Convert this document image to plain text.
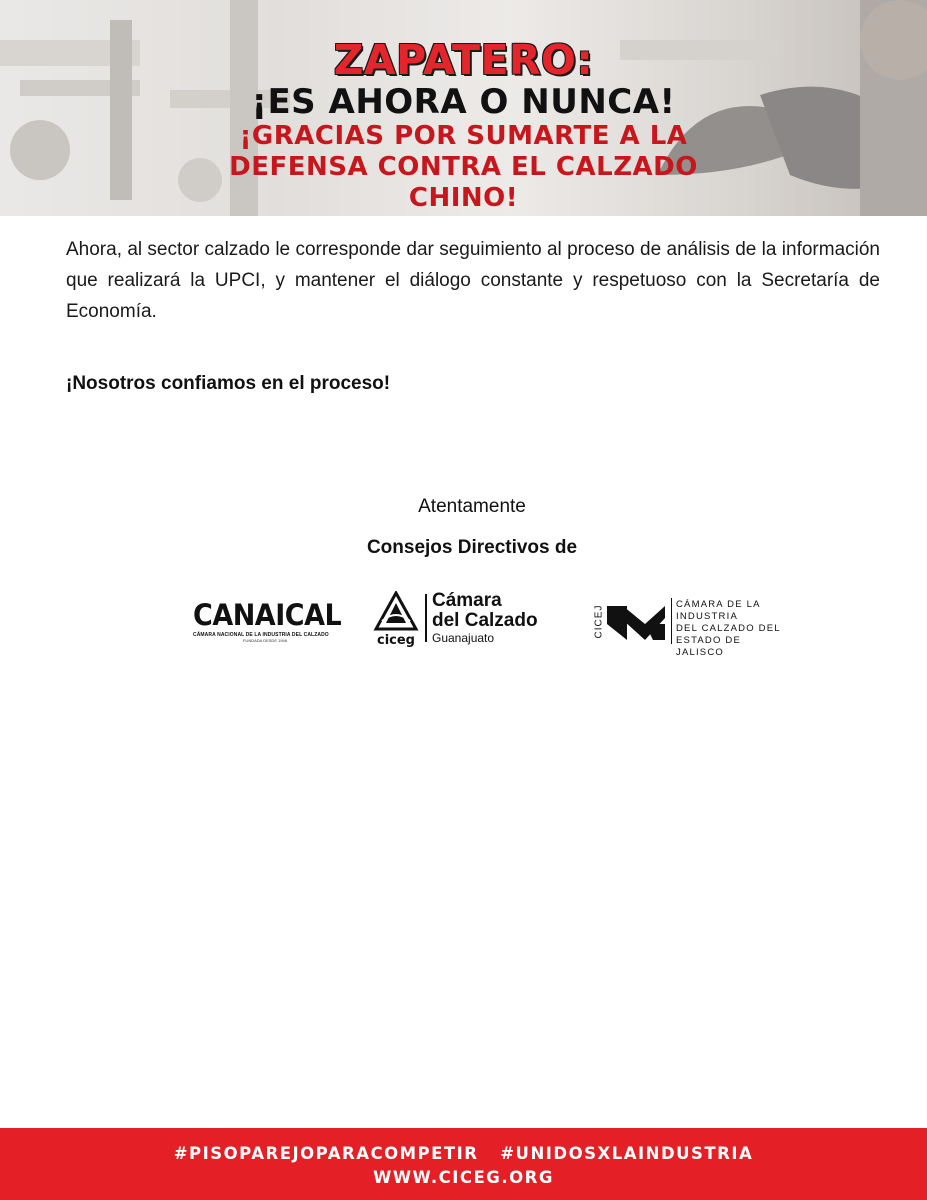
ZAPATERO:
¡ES AHORA O NUNCA!
¡GRACIAS POR SUMARTE A LA
DEFENSA CONTRA EL CALZADO
CHINO!
Ahora, al sector calzado le corresponde dar seguimiento al proceso de análisis de la información que realizará la UPCI, y mantener el diálogo constante y respetuoso con la Secretaría de Economía.
¡Nosotros confiamos en el proceso!
Atentamente
Consejos Directivos de
CANAICAL
CÁMARA NACIONAL DE LA INDUSTRIA DEL CALZADO
FUNDADA DESDE 1946	ciceg
Cámara
del Calzado
Guanajuato	CICEJ
CÁMARA DE LA INDUSTRIA
DEL CALZADO DEL
ESTADO DE JALISCO
#PISOPAREJOPARACOMPETIR   #UNIDOSXLAINDUSTRIA
WWW.CICEG.ORG
